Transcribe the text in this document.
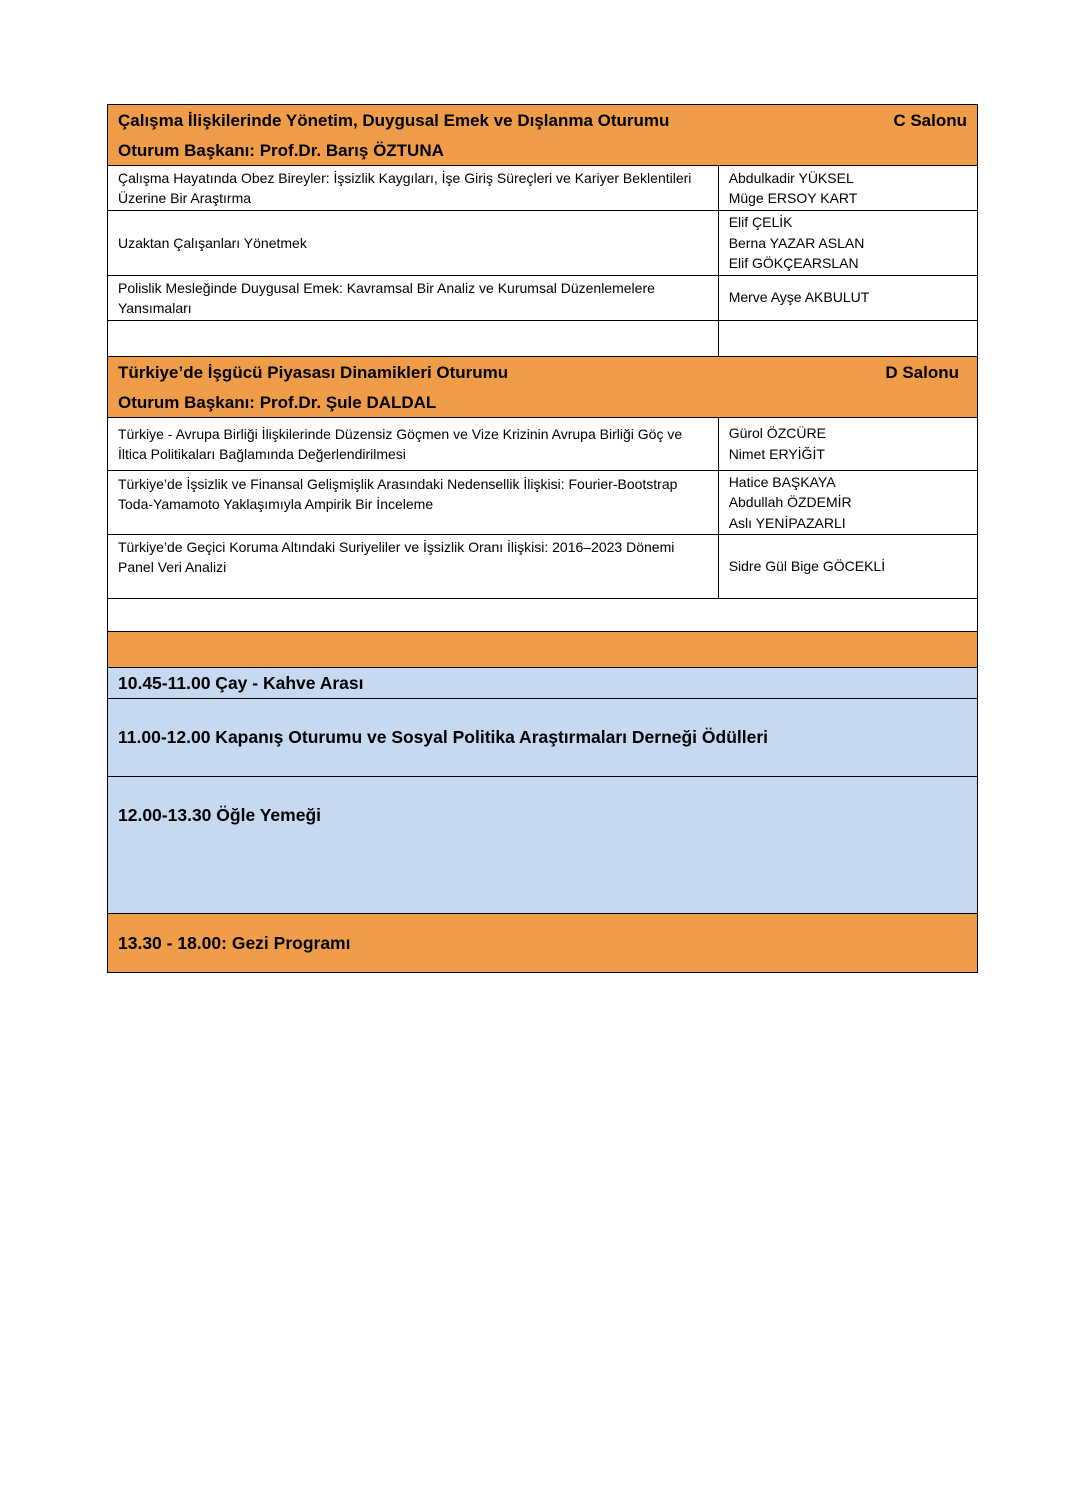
Çalışma İlişkilerinde Yönetim, Duygusal Emek ve Dışlanma Oturumu C Salonu
Oturum Başkanı: Prof.Dr. Barış ÖZTUNA	

Çalışma Hayatında Obez Bireyler: İşsizlik Kaygıları, İşe Giriş Süreçleri ve Kariyer Beklentileri Üzerine Bir Araştırma	Abdulkadir YÜKSEL
Müge ERSOY KART

Uzaktan Çalışanları Yönetmek	Elif ÇELİK
Berna YAZAR ASLAN
Elif GÖKÇEARSLAN

Polislik Mesleğinde Duygusal Emek: Kavramsal Bir Analiz ve Kurumsal Düzenlemelere Yansımaları	Merve Ayşe AKBULUT

Türkiye’de İşgücü Piyasası Dinamikleri Oturumu D Salonu
Oturum Başkanı: Prof.Dr. Şule DALDAL	

Türkiye - Avrupa Birliği İlişkilerinde Düzensiz Göçmen ve Vize Krizinin Avrupa Birliği Göç ve İltica Politikaları Bağlamında Değerlendirilmesi	Gürol ÖZCÜRE
Nimet ERYİĞİT

Türkiye’de İşsizlik ve Finansal Gelişmişlik Arasındaki Nedensellik İlişkisi: Fourier-Bootstrap Toda-Yamamoto Yaklaşımıyla Ampirik Bir İnceleme	Hatice BAŞKAYA
Abdullah ÖZDEMİR
Aslı YENİPAZARLI

Türkiye’de Geçici Koruma Altındaki Suriyeliler ve İşsizlik Oranı İlişkisi: 2016–2023 Dönemi Panel Veri Analizi	Sidre Gül Bige GÖCEKLİ

10.45-11.00 Çay - Kahve Arası	
11.00-12.00 Kapanış Oturumu ve Sosyal Politika Araştırmaları Derneği Ödülleri	
12.00-13.30 Öğle Yemeği	
13.30 - 18.00: Gezi Programı	
